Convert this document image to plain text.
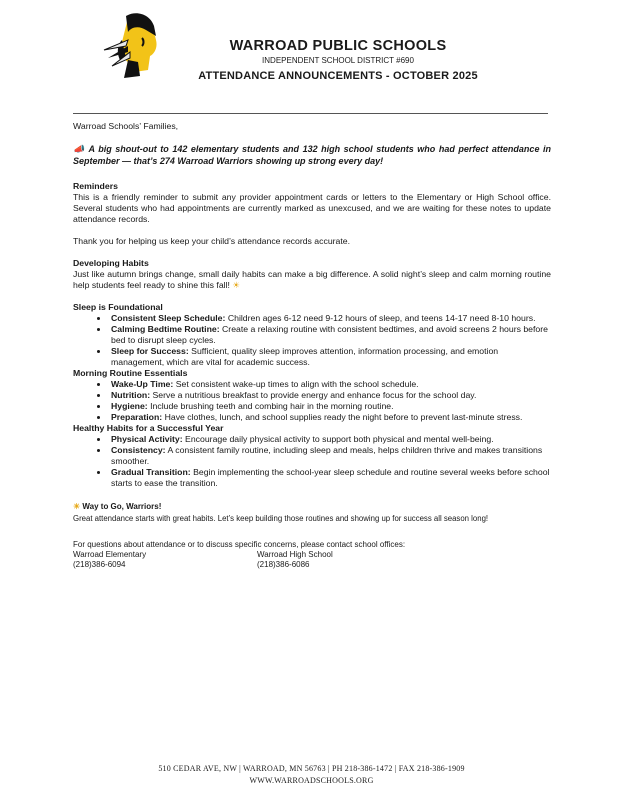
WARROAD PUBLIC SCHOOLS
INDEPENDENT SCHOOL DISTRICT #690
ATTENDANCE ANNOUNCEMENTS - OCTOBER 2025

Warroad Schools’ Families,

📣 A big shout-out to 142 elementary students and 132 high school students who had perfect attendance in September — that’s 274 Warroad Warriors showing up strong every day!

Reminders

This is a friendly reminder to submit any provider appointment cards or letters to the Elementary or High School office. Several students who had appointments are currently marked as unexcused, and we are waiting for these notes to update attendance records.

Thank you for helping us keep your child’s attendance records accurate.

Developing Habits

Just like autumn brings change, small daily habits can make a big difference. A solid night’s sleep and calm morning routine help students feel ready to shine this fall! ☀

Sleep is Foundational

• Consistent Sleep Schedule: Children ages 6-12 need 9-12 hours of sleep, and teens 14-17 need 8-10 hours.
• Calming Bedtime Routine: Create a relaxing routine with consistent bedtimes, and avoid screens 2 hours before bed to disrupt sleep cycles.
• Sleep for Success: Sufficient, quality sleep improves attention, information processing, and emotion management, which are vital for academic success.

Morning Routine Essentials

• Wake-Up Time: Set consistent wake-up times to align with the school schedule.
• Nutrition: Serve a nutritious breakfast to provide energy and enhance focus for the school day.
• Hygiene: Include brushing teeth and combing hair in the morning routine.
• Preparation: Have clothes, lunch, and school supplies ready the night before to prevent last-minute stress.

Healthy Habits for a Successful Year

• Physical Activity: Encourage daily physical activity to support both physical and mental well-being.
• Consistency: A consistent family routine, including sleep and meals, helps children thrive and makes transitions smoother.
• Gradual Transition: Begin implementing the school-year sleep schedule and routine several weeks before school starts to ease the transition.

☀ Way to Go, Warriors!

Great attendance starts with great habits. Let’s keep building those routines and showing up for success all season long!

For questions about attendance or to discuss specific concerns, please contact school offices:
Warroad Elementary
(218)386-6094
Warroad High School
(218)386-6086
510 CEDAR AVE, NW | WARROAD, MN 56763 | PH 218-386-1472 | FAX 218-386-1909
WWW.WARROADSCHOOLS.ORG
